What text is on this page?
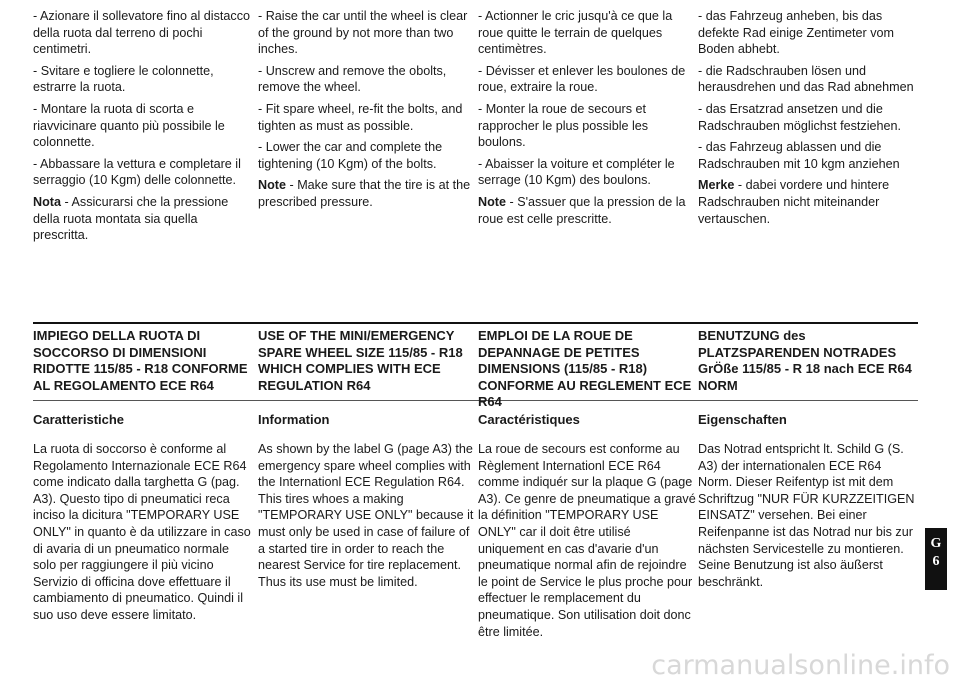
- Azionare il sollevatore fino al distacco della ruota dal terreno di pochi centimetri.

- Svitare e togliere le colonnette, estrarre la ruota.

- Montare la ruota di scorta e riavvicinare quanto più possibile le colonnette.

- Abbassare la vettura e completare il serraggio (10 Kgm) delle colonnette.

Nota - Assicurarsi che la pressione della ruota montata sia quella prescritta.

- Raise the car until the wheel is clear of the ground by not more than two inches.

- Unscrew and remove the obolts, remove the wheel.

- Fit spare wheel, re-fit the bolts, and tighten as must as possible.

- Lower the car and complete the tightening (10 Kgm) of the bolts.

Note - Make sure that the tire is at the prescribed pressure.

- Actionner le cric jusqu'à ce que la roue quitte le terrain de quelques centimètres.

- Dévisser et enlever les boulones de roue, extraire la roue.

- Monter la roue de secours et rapprocher le plus possible les boulons.

- Abaisser la voiture et compléter le serrage (10 Kgm) des boulons.

Note - S'assuer que la pression de la roue est celle prescritte.

- das Fahrzeug anheben, bis das defekte Rad einige Zentimeter vom Boden abhebt.

- die Radschrauben lösen und herausdrehen und das Rad abnehmen

- das Ersatzrad ansetzen und die Radschrauben möglichst festziehen.

- das Fahrzeug ablassen und die Radschrauben mit 10 kgm anziehen

Merke - dabei vordere und hintere Radschrauben nicht miteinander vertauschen.

IMPIEGO DELLA RUOTA DI SOCCORSO DI DIMENSIONI RIDOTTE 115/85 - R18 CONFORME AL REGOLAMENTO ECE R64
USE OF THE MINI/EMERGENCY SPARE WHEEL SIZE 115/85 - R18 WHICH COMPLIES WITH ECE REGULATION R64
EMPLOI DE LA ROUE DE DEPANNAGE DE PETITES DIMENSIONS (115/85 - R18) CONFORME AU REGLEMENT ECE R64
BENUTZUNG des PLATZSPARENDEN NOTRADES GrÖße 115/85 - R 18 nach ECE R64 NORM

Caratteristiche

La ruota di soccorso è conforme al Regolamento Internazionale ECE R64 come indicato dalla targhetta G (pag. A3). Questo tipo di pneumatici reca inciso la dicitura "TEMPORARY USE ONLY" in quanto è da utilizzare in caso di avaria di un pneumatico normale solo per raggiungere il più vicino Servizio di officina dove effettuare il cambiamento di pneumatico. Quindi il suo uso deve essere limitato.

Information

As shown by the label G (page A3) the emergency spare wheel complies with the Internationl ECE Regulation R64. This tires whoes a making "TEMPORARY USE ONLY" because it must only be used in case of failure of a started tire in order to reach the nearest Service for tire replacement. Thus its use must be limited.

Caractéristiques

La roue de secours est conforme au Règlement Internationl ECE R64 comme indiquér sur la plaque G (page A3). Ce genre de pneumatique a gravé la définition "TEMPORARY USE ONLY" car il doit être utilisé uniquement en cas d'avarie d'un pneumatique normal afin de rejoindre le point de Service le plus proche pour effectuer le remplacement du pneumatique. Son utilisation doit donc être limitée.

Eigenschaften

Das Notrad entspricht lt. Schild G (S. A3) der internationalen ECE R64 Norm. Dieser Reifentyp ist mit dem Schriftzug "NUR FÜR KURZZEITIGEN EINSATZ" versehen. Bei einer Reifenpanne ist das Notrad nur bis zur nächsten Servicestelle zu montieren. Seine Benutzung ist also äußerst beschränkt.

G
6
carmanualsonline.info
